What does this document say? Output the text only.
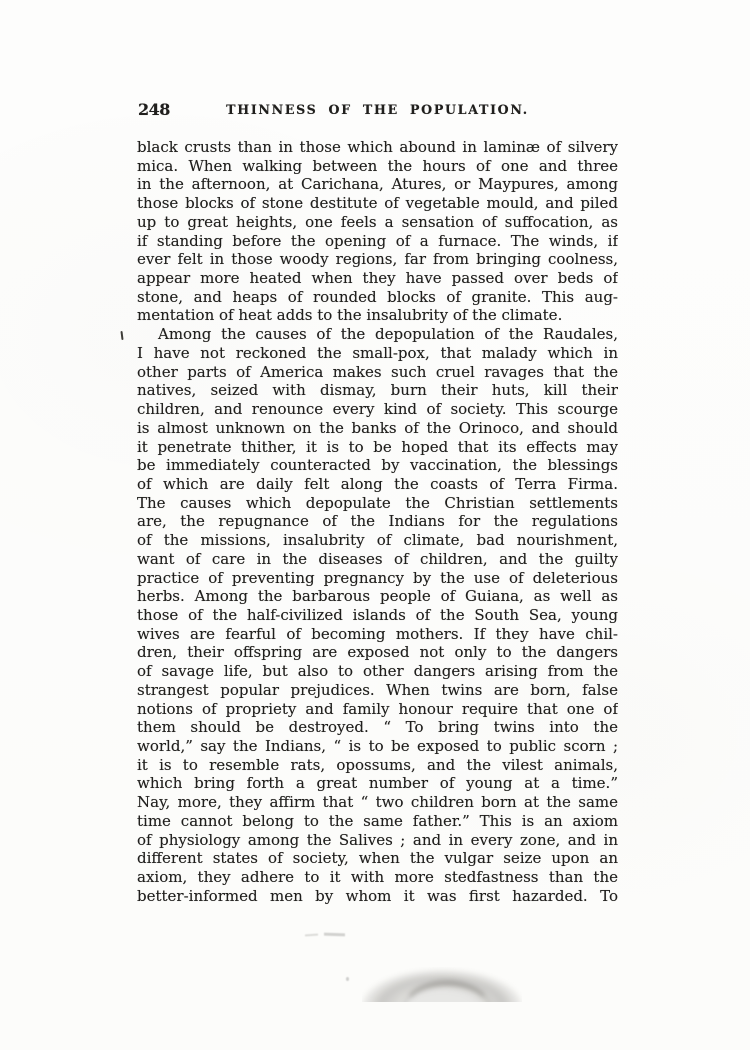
248	THINNESS OF THE POPULATION.
black crusts than in those which abound in laminæ of silvery
mica. When walking between the hours of one and three
in the afternoon, at Carichana, Atures, or Maypures, among
those blocks of stone destitute of vegetable mould, and piled
up to great heights, one feels a sensation of suffocation, as
if standing before the opening of a furnace. The winds, if
ever felt in those woody regions, far from bringing coolness,
appear more heated when they have passed over beds of
stone, and heaps of rounded blocks of granite. This aug-
mentation of heat adds to the insalubrity of the climate.
Among the causes of the depopulation of the Raudales,
I have not reckoned the small-pox, that malady which in
other parts of America makes such cruel ravages that the
natives, seized with dismay, burn their huts, kill their
children, and renounce every kind of society. This scourge
is almost unknown on the banks of the Orinoco, and should
it penetrate thither, it is to be hoped that its effects may
be immediately counteracted by vaccination, the blessings
of which are daily felt along the coasts of Terra Firma.
The causes which depopulate the Christian settlements
are, the repugnance of the Indians for the regulations
of the missions, insalubrity of climate, bad nourishment,
want of care in the diseases of children, and the guilty
practice of preventing pregnancy by the use of deleterious
herbs. Among the barbarous people of Guiana, as well as
those of the half-civilized islands of the South Sea, young
wives are fearful of becoming mothers. If they have chil-
dren, their offspring are exposed not only to the dangers
of savage life, but also to other dangers arising from the
strangest popular prejudices. When twins are born, false
notions of propriety and family honour require that one of
them should be destroyed. “ To bring twins into the
world,” say the Indians, “ is to be exposed to public scorn ;
it is to resemble rats, opossums, and the vilest animals,
which bring forth a great number of young at a time.”
Nay, more, they affirm that “ two children born at the same
time cannot belong to the same father.” This is an axiom
of physiology among the Salives ; and in every zone, and in
different states of society, when the vulgar seize upon an
axiom, they adhere to it with more stedfastness than the
better-informed men by whom it was first hazarded. To
